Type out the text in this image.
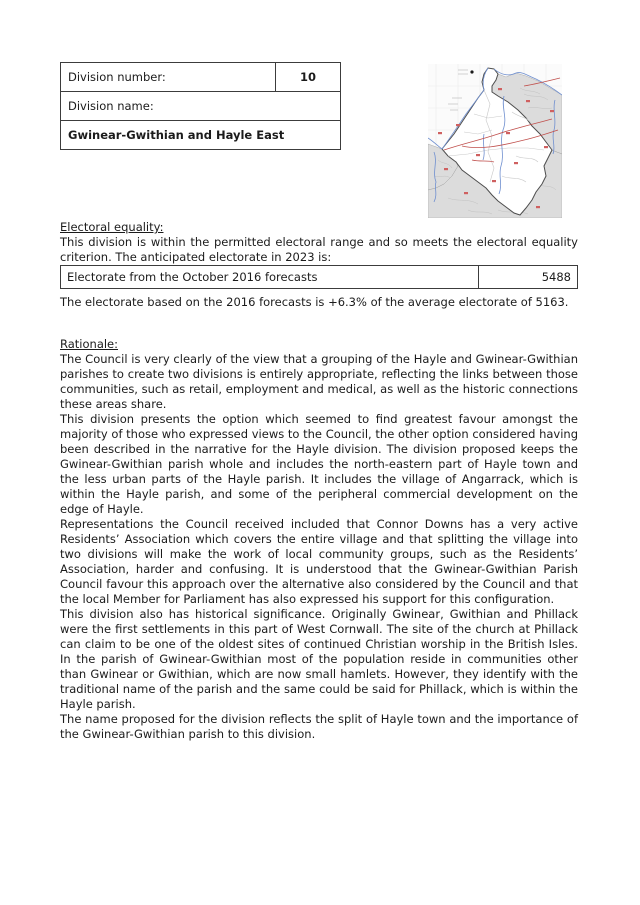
Division number:	10
Division name:
Gwinear-Gwithian and Hayle East
Electoral equality:

This division is within the permitted electoral range and so meets the electoral equality criterion. The anticipated electorate in 2023 is:

Electorate from the October 2016 forecasts	5488

The electorate based on the 2016 forecasts is +6.3% of the average electorate of 5163.

Rationale:

The Council is very clearly of the view that a grouping of the Hayle and Gwinear-Gwithian parishes to create two divisions is entirely appropriate, reflecting the links between those communities, such as retail, employment and medical, as well as the historic connections these areas share.

This division presents the option which seemed to find greatest favour amongst the majority of those who expressed views to the Council, the other option considered having been described in the narrative for the Hayle division. The division proposed keeps the Gwinear-Gwithian parish whole and includes the north-eastern part of Hayle town and the less urban parts of the Hayle parish. It includes the village of Angarrack, which is within the Hayle parish, and some of the peripheral commercial development on the edge of Hayle.

Representations the Council received included that Connor Downs has a very active Residents’ Association which covers the entire village and that splitting the village into two divisions will make the work of local community groups, such as the Residents’ Association, harder and confusing. It is understood that the Gwinear-Gwithian Parish Council favour this approach over the alternative also considered by the Council and that the local Member for Parliament has also expressed his support for this configuration.

This division also has historical significance. Originally Gwinear, Gwithian and Phillack were the first settlements in this part of West Cornwall. The site of the church at Phillack can claim to be one of the oldest sites of continued Christian worship in the British Isles. In the parish of Gwinear-Gwithian most of the population reside in communities other than Gwinear or Gwithian, which are now small hamlets. However, they identify with the traditional name of the parish and the same could be said for Phillack, which is within the Hayle parish.

The name proposed for the division reflects the split of Hayle town and the importance of the Gwinear-Gwithian parish to this division.
